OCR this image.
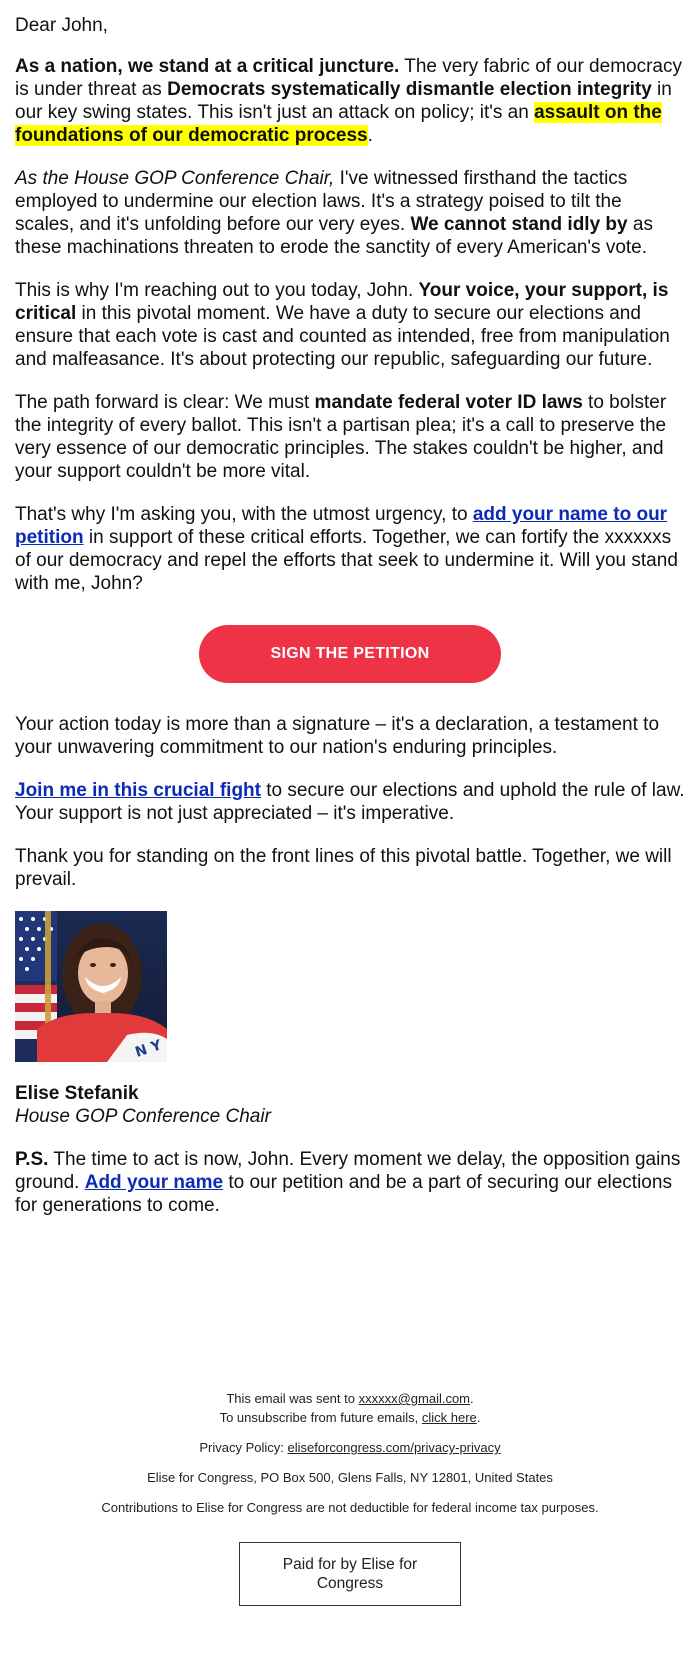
Dear John,

As a nation, we stand at a critical juncture. The very fabric of our democracy is under threat as Democrats systematically dismantle election integrity in our key swing states. This isn't just an attack on policy; it's an assault on the foundations of our democratic process.

As the House GOP Conference Chair, I've witnessed firsthand the tactics employed to undermine our election laws. It's a strategy poised to tilt the scales, and it's unfolding before our very eyes. We cannot stand idly by as these machinations threaten to erode the sanctity of every American's vote.

This is why I'm reaching out to you today, John. Your voice, your support, is critical in this pivotal moment. We have a duty to secure our elections and ensure that each vote is cast and counted as intended, free from manipulation and malfeasance. It's about protecting our republic, safeguarding our future.

The path forward is clear: We must mandate federal voter ID laws to bolster the integrity of every ballot. This isn't a partisan plea; it's a call to preserve the very essence of our democratic principles. The stakes couldn't be higher, and your support couldn't be more vital.

That's why I'm asking you, with the utmost urgency, to add your name to our petition in support of these critical efforts. Together, we can fortify the xxxxxxs of our democracy and repel the efforts that seek to undermine it. Will you stand with me, John?

SIGN THE PETITION

Your action today is more than a signature – it's a declaration, a testament to your unwavering commitment to our nation's enduring principles.

Join me in this crucial fight to secure our elections and uphold the rule of law. Your support is not just appreciated – it's imperative.

Thank you for standing on the front lines of this pivotal battle. Together, we will prevail.

N Y

Elise Stefanik

House GOP Conference Chair

P.S. The time to act is now, John. Every moment we delay, the opposition gains ground. Add your name to our petition and be a part of securing our elections for generations to come.

This email was sent to xxxxxx@gmail.com.

To unsubscribe from future emails, click here.

Privacy Policy: eliseforcongress.com/privacy-privacy

Elise for Congress, PO Box 500, Glens Falls, NY 12801, United States

Contributions to Elise for Congress are not deductible for federal income tax purposes.

Paid for by Elise for Congress
